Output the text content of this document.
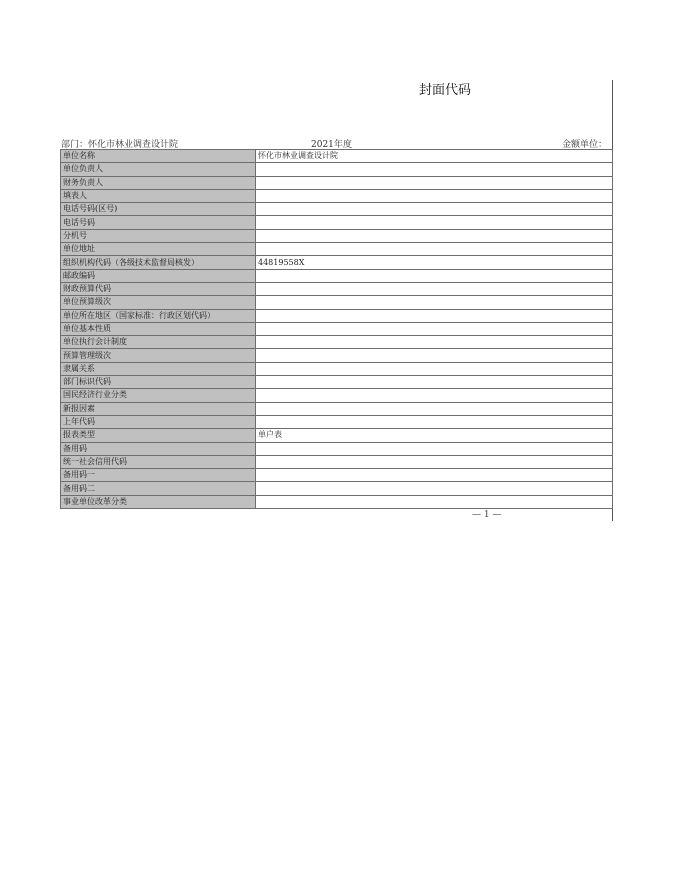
封面代码
部门：怀化市林业调查设计院	2021年度	金额单位：
单位名称	怀化市林业调查设计院
单位负责人	
财务负责人	
填表人	
电话号码(区号)	
电话号码	
分机号	
单位地址	
组织机构代码（各级技术监督局核发）	44819558X
邮政编码	
财政预算代码	
单位预算级次	
单位所在地区（国家标准：行政区划代码）	
单位基本性质	
单位执行会计制度	
预算管理级次	
隶属关系	
部门标识代码	
国民经济行业分类	
新报因素	
上年代码	
报表类型	单户表
备用码	
统一社会信用代码	
备用码一	
备用码二	
事业单位改革分类	
— 1 —
